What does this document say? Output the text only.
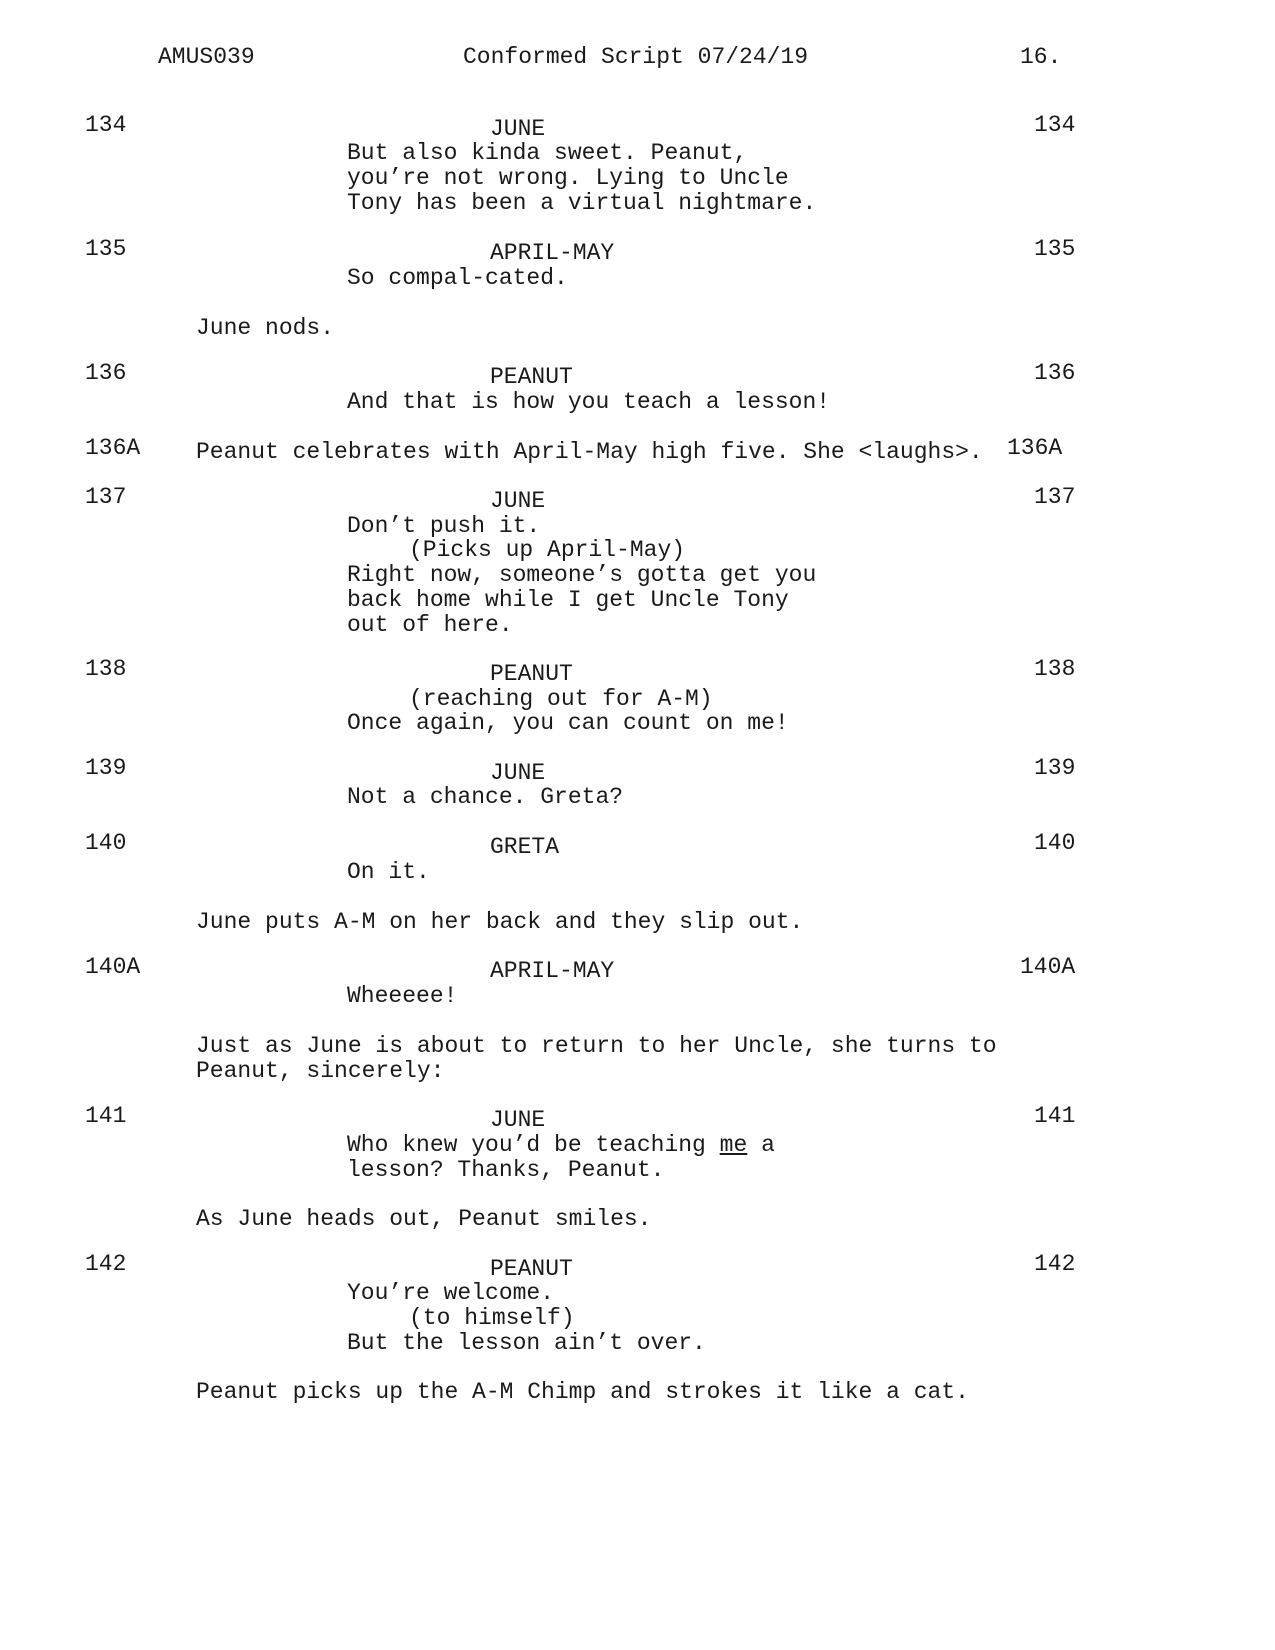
AMUS039	Conformed Script 07/24/19	16.
134	134
JUNE
But also kinda sweet. Peanut,
you’re not wrong. Lying to Uncle
Tony has been a virtual nightmare.
135	135
APRIL-MAY
So compal-cated.
June nods.
136	136
PEANUT
And that is how you teach a lesson!
136A Peanut celebrates with April-May high five. She <laughs>. 136A
137	137
JUNE
Don’t push it.
(Picks up April-May)
Right now, someone’s gotta get you
back home while I get Uncle Tony
out of here.
138	138
PEANUT
(reaching out for A-M)
Once again, you can count on me!
139	139
JUNE
Not a chance. Greta?
140	140
GRETA
On it.
June puts A-M on her back and they slip out.
140A	140A
APRIL-MAY
Wheeeee!
Just as June is about to return to her Uncle, she turns to
Peanut, sincerely:
141	141
JUNE
Who knew you’d be teaching me a
lesson? Thanks, Peanut.
As June heads out, Peanut smiles.
142	142
PEANUT
You’re welcome.
(to himself)
But the lesson ain’t over.
Peanut picks up the A-M Chimp and strokes it like a cat.
